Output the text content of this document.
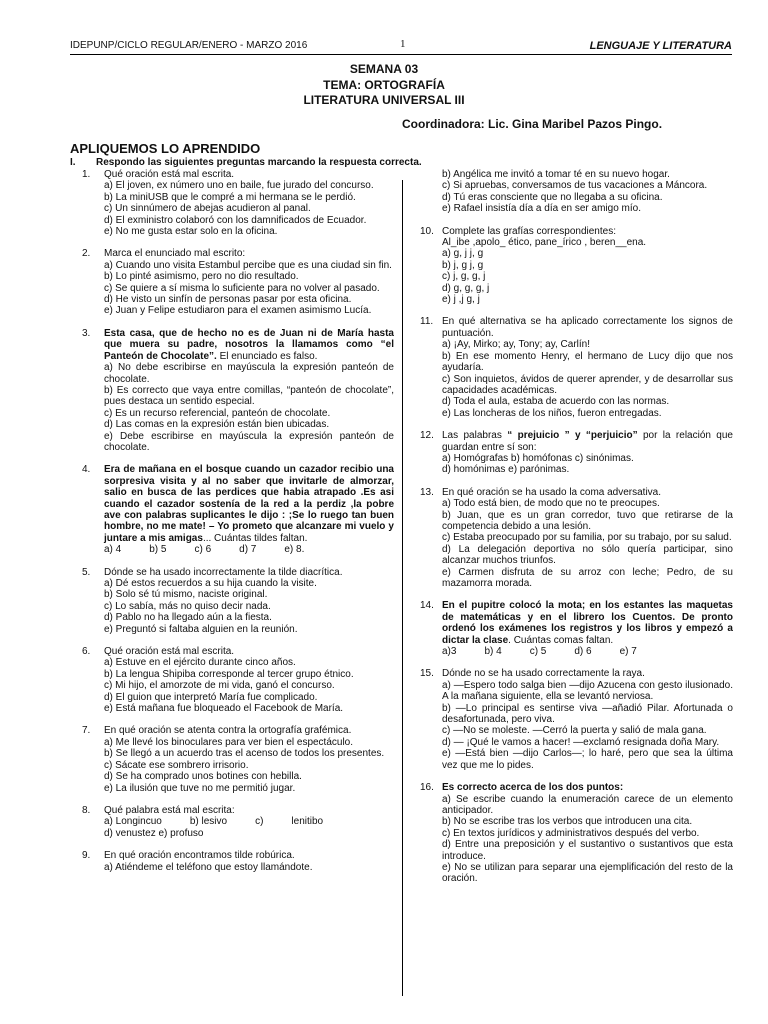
IDEPUNP/CICLO REGULAR/ENERO - MARZO 2016	1	LENGUAJE Y LITERATURA
SEMANA 03
TEMA: ORTOGRAFÍA
LITERATURA UNIVERSAL III
Coordinadora: Lic. Gina Maribel Pazos Pingo.
APLIQUEMOS LO APRENDIDO
I. Respondo las siguientes preguntas marcando la respuesta correcta.
1.	Qué oración está mal escrita.
a) El joven, ex número uno en baile, fue jurado del concurso.
b) La miniUSB que le compré a mi hermana se le perdió.
c) Un sinnúmero de abejas acudieron al panal.
d) El exministro colaboró con los damnificados de Ecuador.
e) No me gusta estar solo en la oficina.
2.	Marca el enunciado mal escrito:
a) Cuando uno visita Estambul percibe que es una ciudad sin fin.
b) Lo pinté asimismo, pero no dio resultado.
c) Se quiere a sí misma lo suficiente para no volver al pasado.
d) He visto un sinfín de personas pasar por esta oficina.
e) Juan y Felipe estudiaron para el examen asimismo Lucía.
3.	Esta casa, que de hecho no es de Juan ni de María hasta que muera su padre, nosotros la llamamos como “el Panteón de Chocolate”. El enunciado es falso.
a) No debe escribirse en mayúscula la expresión panteón de chocolate.
b) Es correcto que vaya entre comillas, “panteón de chocolate”, pues destaca un sentido especial.
c) Es un recurso referencial, panteón de chocolate.
d) Las comas en la expresión están bien ubicadas.
e) Debe escribirse en mayúscula la expresión panteón de chocolate.
4.	Era de mañana en el bosque cuando un cazador recibio una sorpresiva visita y al no saber que invitarle de almorzar, salio en busca de las perdices que habia atrapado .Es asi cuando el cazador sostenía de la red a la perdiz ,la pobre ave con palabras suplicantes le dijo : ;Se lo ruego tan buen hombre, no me mate! – Yo prometo que alcanzare mi vuelo y juntare a mis amigas... Cuántas tildes faltan.
a) 4	b) 5	c) 6	d) 7	e) 8.
5.	Dónde se ha usado incorrectamente la tilde diacrítica.
a) Dé estos recuerdos a su hija cuando la visite.
b) Solo sé tú mismo, naciste original.
c) Lo sabía, más no quiso decir nada.
d) Pablo no ha llegado aún a la fiesta.
e) Preguntó si faltaba alguien en la reunión.
6.	Qué oración está mal escrita.
a) Estuve en el ejército durante cinco años.
b) La lengua Shipiba corresponde al tercer grupo étnico.
c) Mi hijo, el amorzote de mi vida, ganó el concurso.
d) El guion que interpretó María fue complicado.
e) Está mañana fue bloqueado el Facebook de María.
7.	En qué oración se atenta contra la ortografía grafémica.
a) Me llevé los binoculares para ver bien el espectáculo.
b) Se llegó a un acuerdo tras el acenso de todos los presentes.
c) Sácate ese sombrero irrisorio.
d) Se ha comprado unos botines con hebilla.
e) La ilusión que tuve no me permitió jugar.
8.	Qué palabra está mal escrita:
a) Longincuo	b) lesivo	c)	lenitibo
d) venustez e) profuso
9.	En qué oración encontramos tilde robúrica.
a) Atiéndeme el teléfono que estoy llamándote.
b) Angélica me invitó a tomar té en su nuevo hogar.
c) Si apruebas, conversamos de tus vacaciones a Máncora.
d) Tú eras consciente que no llegaba a su oficina.
e) Rafael insistía día a día en ser amigo mío.
10. Complete las grafías correspondientes:
Al_ibe ,apolo_ ético, pane_írico , beren__ena.
a) g, j j, g
b) j, g j, g
c) j, g, g, j
d) g, g, g, j
e) j ,j g, j
11. En qué alternativa se ha aplicado correctamente los signos de puntuación.
a) ¡Ay, Mirko; ay, Tony; ay, Carlín!
b) En ese momento Henry, el hermano de Lucy dijo que nos ayudaría.
c) Son inquietos, ávidos de querer aprender, y de desarrollar sus capacidades académicas.
d) Toda el aula, estaba de acuerdo con las normas.
e) Las loncheras de los niños, fueron entregadas.
12. Las palabras “ prejuicio ” y “perjuicio” por la relación que guardan entre sí son:
a) Homógrafas b) homófonas c) sinónimas.
d) homónimas e) parónimas.
13. En qué oración se ha usado la coma adversativa.
a) Todo está bien, de modo que no te preocupes.
b) Juan, que es un gran corredor, tuvo que retirarse de la competencia debido a una lesión.
c) Estaba preocupado por su familia, por su trabajo, por su salud.
d) La delegación deportiva no sólo quería participar, sino alcanzar muchos triunfos.
e) Carmen disfruta de su arroz con leche; Pedro, de su mazamorra morada.
14. En el pupitre colocó la mota; en los estantes las maquetas de matemáticas y en el librero los Cuentos. De pronto ordenó los exámenes los registros y los libros y empezó a dictar la clase. Cuántas comas faltan.
a)3	b) 4	c) 5	d) 6	e) 7
15. Dónde no se ha usado correctamente la raya.
a) —Espero todo salga bien —dijo Azucena con gesto ilusionado. A la mañana siguiente, ella se levantó nerviosa.
b) —Lo principal es sentirse viva —añadió Pilar. Afortunada o desafortunada, pero viva.
c) —No se moleste. —Cerró la puerta y salió de mala gana.
d) — ¡Qué le vamos a hacer! —exclamó resignada doña Mary.
e) —Está bien —dijo Carlos—; lo haré, pero que sea la última vez que me lo pides.
16. Es correcto acerca de los dos puntos:
a) Se escribe cuando la enumeración carece de un elemento anticipador.
b) No se escribe tras los verbos que introducen una cita.
c) En textos jurídicos y administrativos después del verbo.
d) Entre una preposición y el sustantivo o sustantivos que esta introduce.
e) No se utilizan para separar una ejemplificación del resto de la oración.
